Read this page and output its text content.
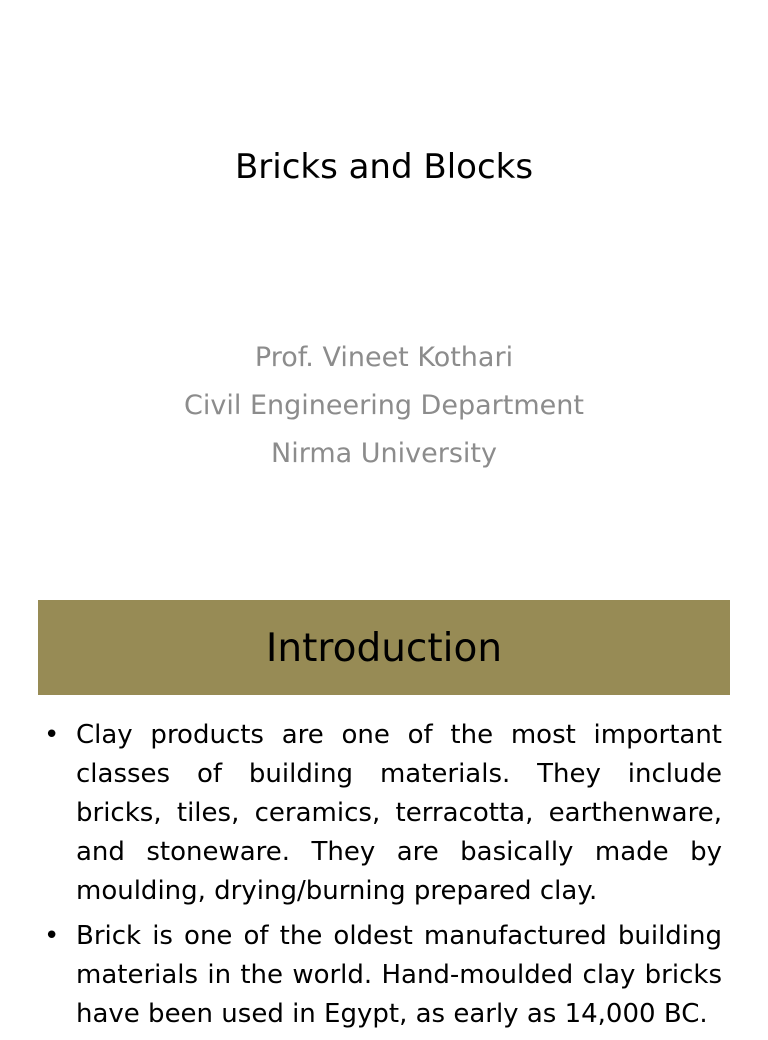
Bricks and Blocks
Prof. Vineet Kothari
Civil Engineering Department
Nirma University
Introduction
• Clay products are one of the most important classes of building materials. They include bricks, tiles, ceramics, terracotta, earthenware, and stoneware. They are basically made by moulding, drying/burning prepared clay.
• Brick is one of the oldest manufactured building materials in the world. Hand-moulded clay bricks have been used in Egypt, as early as 14,000 BC.
